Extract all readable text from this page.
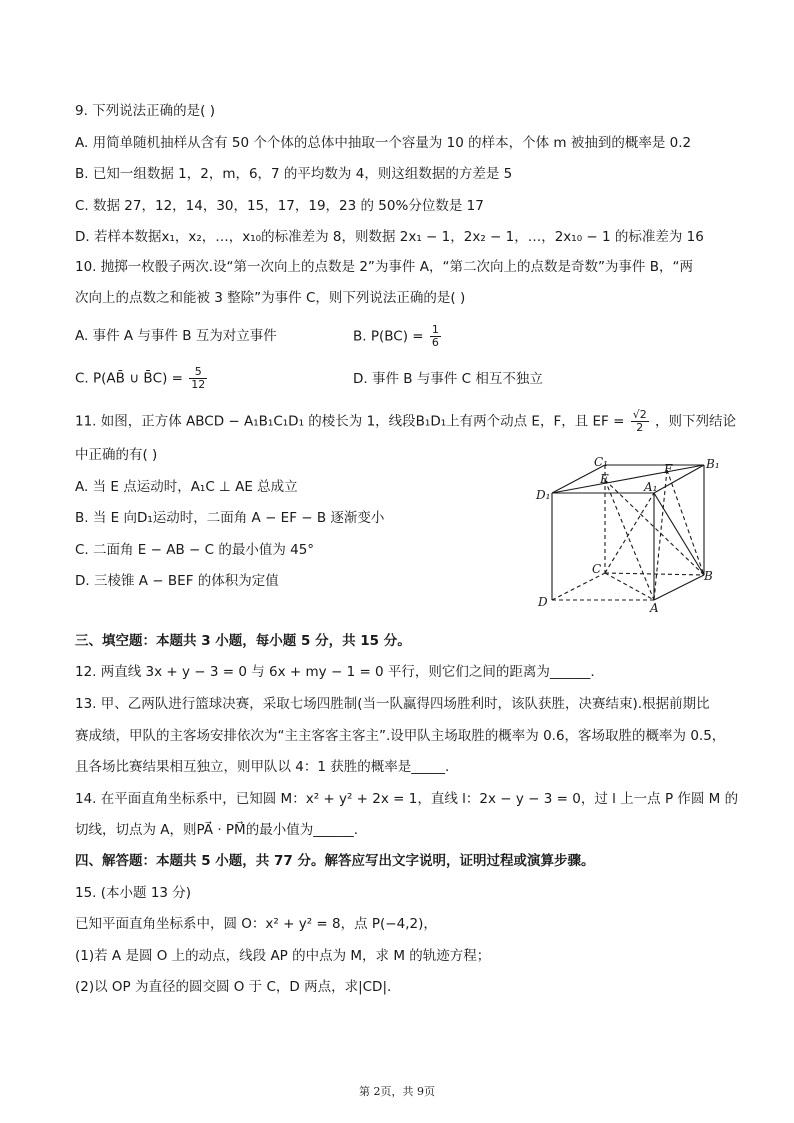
9. 下列说法正确的是( )
A. 用简单随机抽样从含有 50 个个体的总体中抽取一个容量为 10 的样本，个体 m 被抽到的概率是 0.2
B. 已知一组数据 1，2，m，6，7 的平均数为 4，则这组数据的方差是 5
C. 数据 27，12，14，30，15，17，19，23 的 50%分位数是 17
D. 若样本数据x₁，x₂，…，x₁₀的标准差为 8，则数据 2x₁ − 1，2x₂ − 1，…，2x₁₀ − 1 的标准差为 16
10. 抛掷一枚骰子两次.设“第一次向上的点数是 2”为事件 A，“第二次向上的点数是奇数”为事件 B，“两
次向上的点数之和能被 3 整除”为事件 C，则下列说法正确的是( )
A. 事件 A 与事件 B 互为对立事件	B. $P(BC) = \frac{1}{6}$
C. P(AB̄ ∪ B̄C) = $\frac{5}{12}$	D. 事件 B 与事件 C 相互不独立
11. 如图，正方体 ABCD − A₁B₁C₁D₁ 的棱长为 1，线段B₁D₁上有两个动点 E，F，且 EF = $\frac{√2}{2}$ ，则下列结论
中正确的有( )
A. 当 E 点运动时，A₁C ⊥ AE 总成立
B. 当 E 向D₁运动时，二面角 A − EF − B 逐渐变小
C. 二面角 E − AB − C 的最小值为 45°
D. 三棱锥 A − BEF 的体积为定值
C₁
E
F	B₁
D₁
A₁
C	B
D	A
三、填空题：本题共 3 小题，每小题 5 分，共 15 分。
12. 两直线 3x + y − 3 = 0 与 6x + my − 1 = 0 平行，则它们之间的距离为______.
13. 甲、乙两队进行篮球决赛，采取七场四胜制(当一队赢得四场胜利时，该队获胜，决赛结束).根据前期比
赛成绩，甲队的主客场安排依次为“主主客客主客主”.设甲队主场取胜的概率为 0.6，客场取胜的概率为 0.5，
且各场比赛结果相互独立，则甲队以 4：1 获胜的概率是_____.
14. 在平面直角坐标系中，已知圆 M：x² + y² + 2x = 1，直线 l：2x − y − 3 = 0，过 l 上一点 P 作圆 M 的
切线，切点为 A，则PA⃗ · PM⃗的最小值为______.
四、解答题：本题共 5 小题，共 77 分。解答应写出文字说明，证明过程或演算步骤。
15. (本小题 13 分)
已知平面直角坐标系中，圆 O：x² + y² = 8，点 P(−4,2)，
(1)若 A 是圆 O 上的动点，线段 AP 的中点为 M，求 M 的轨迹方程；
(2)以 OP 为直径的圆交圆 O 于 C，D 两点，求|CD|.
第 2页，共 9页
